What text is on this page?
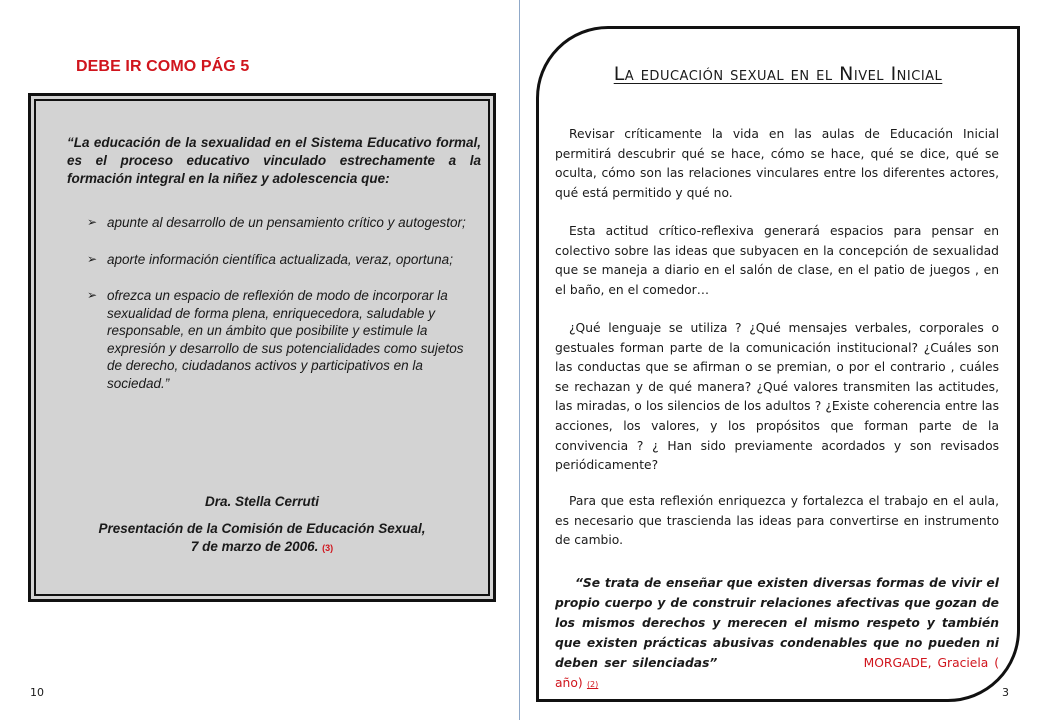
DEBE IR COMO PÁG 5
“La educación de la sexualidad en el Sistema Educativo formal, es el proceso educativo vinculado estrechamente a la formación integral en la niñez y adolescencia que:
➢ apunte al desarrollo de un pensamiento crítico y autogestor;
➢ aporte información científica actualizada, veraz, oportuna;
➢ ofrezca un espacio de reflexión de modo de incorporar la sexualidad de forma plena, enriquecedora, saludable y responsable, en un ámbito que posibilite y estimule la expresión y desarrollo de sus potencialidades como sujetos de derecho, ciudadanos activos y participativos en la sociedad.”
Dra. Stella Cerruti
Presentación de la Comisión de Educación Sexual,
7 de marzo de 2006. (3)
10
La educación sexual en el Nivel Inicial

Revisar críticamente la vida en las aulas de Educación Inicial permitirá descubrir qué se hace, cómo se hace, qué se dice, qué se oculta, cómo son las relaciones vinculares entre los diferentes actores, qué está permitido y qué no.

Esta actitud crítico-reflexiva generará espacios para pensar en colectivo sobre las ideas que subyacen en la concepción de sexualidad que se maneja a diario en el salón de clase, en el patio de juegos , en el baño, en el comedor…

¿Qué lenguaje se utiliza ? ¿Qué mensajes verbales, corporales o gestuales forman parte de la comunicación institucional? ¿Cuáles son las conductas que se afirman o se premian, o por el contrario , cuáles se rechazan y de qué manera? ¿Qué valores transmiten las actitudes, las miradas, o los silencios de los adultos ? ¿Existe coherencia entre las acciones, los valores, y los propósitos que forman parte de la convivencia ? ¿ Han sido previamente acordados y son revisados periódicamente?

Para que esta reflexión enriquezca y fortalezca el trabajo en el aula, es necesario que trascienda las ideas para convertirse en instrumento de cambio.

“Se trata de enseñar que existen diversas formas de vivir el propio cuerpo y de construir relaciones afectivas que gozan de los mismos derechos y merecen el mismo respeto y también que existen prácticas abusivas condenables que no pueden ni deben ser silenciadas”	MORGADE, Graciela ( año) (2)

3
